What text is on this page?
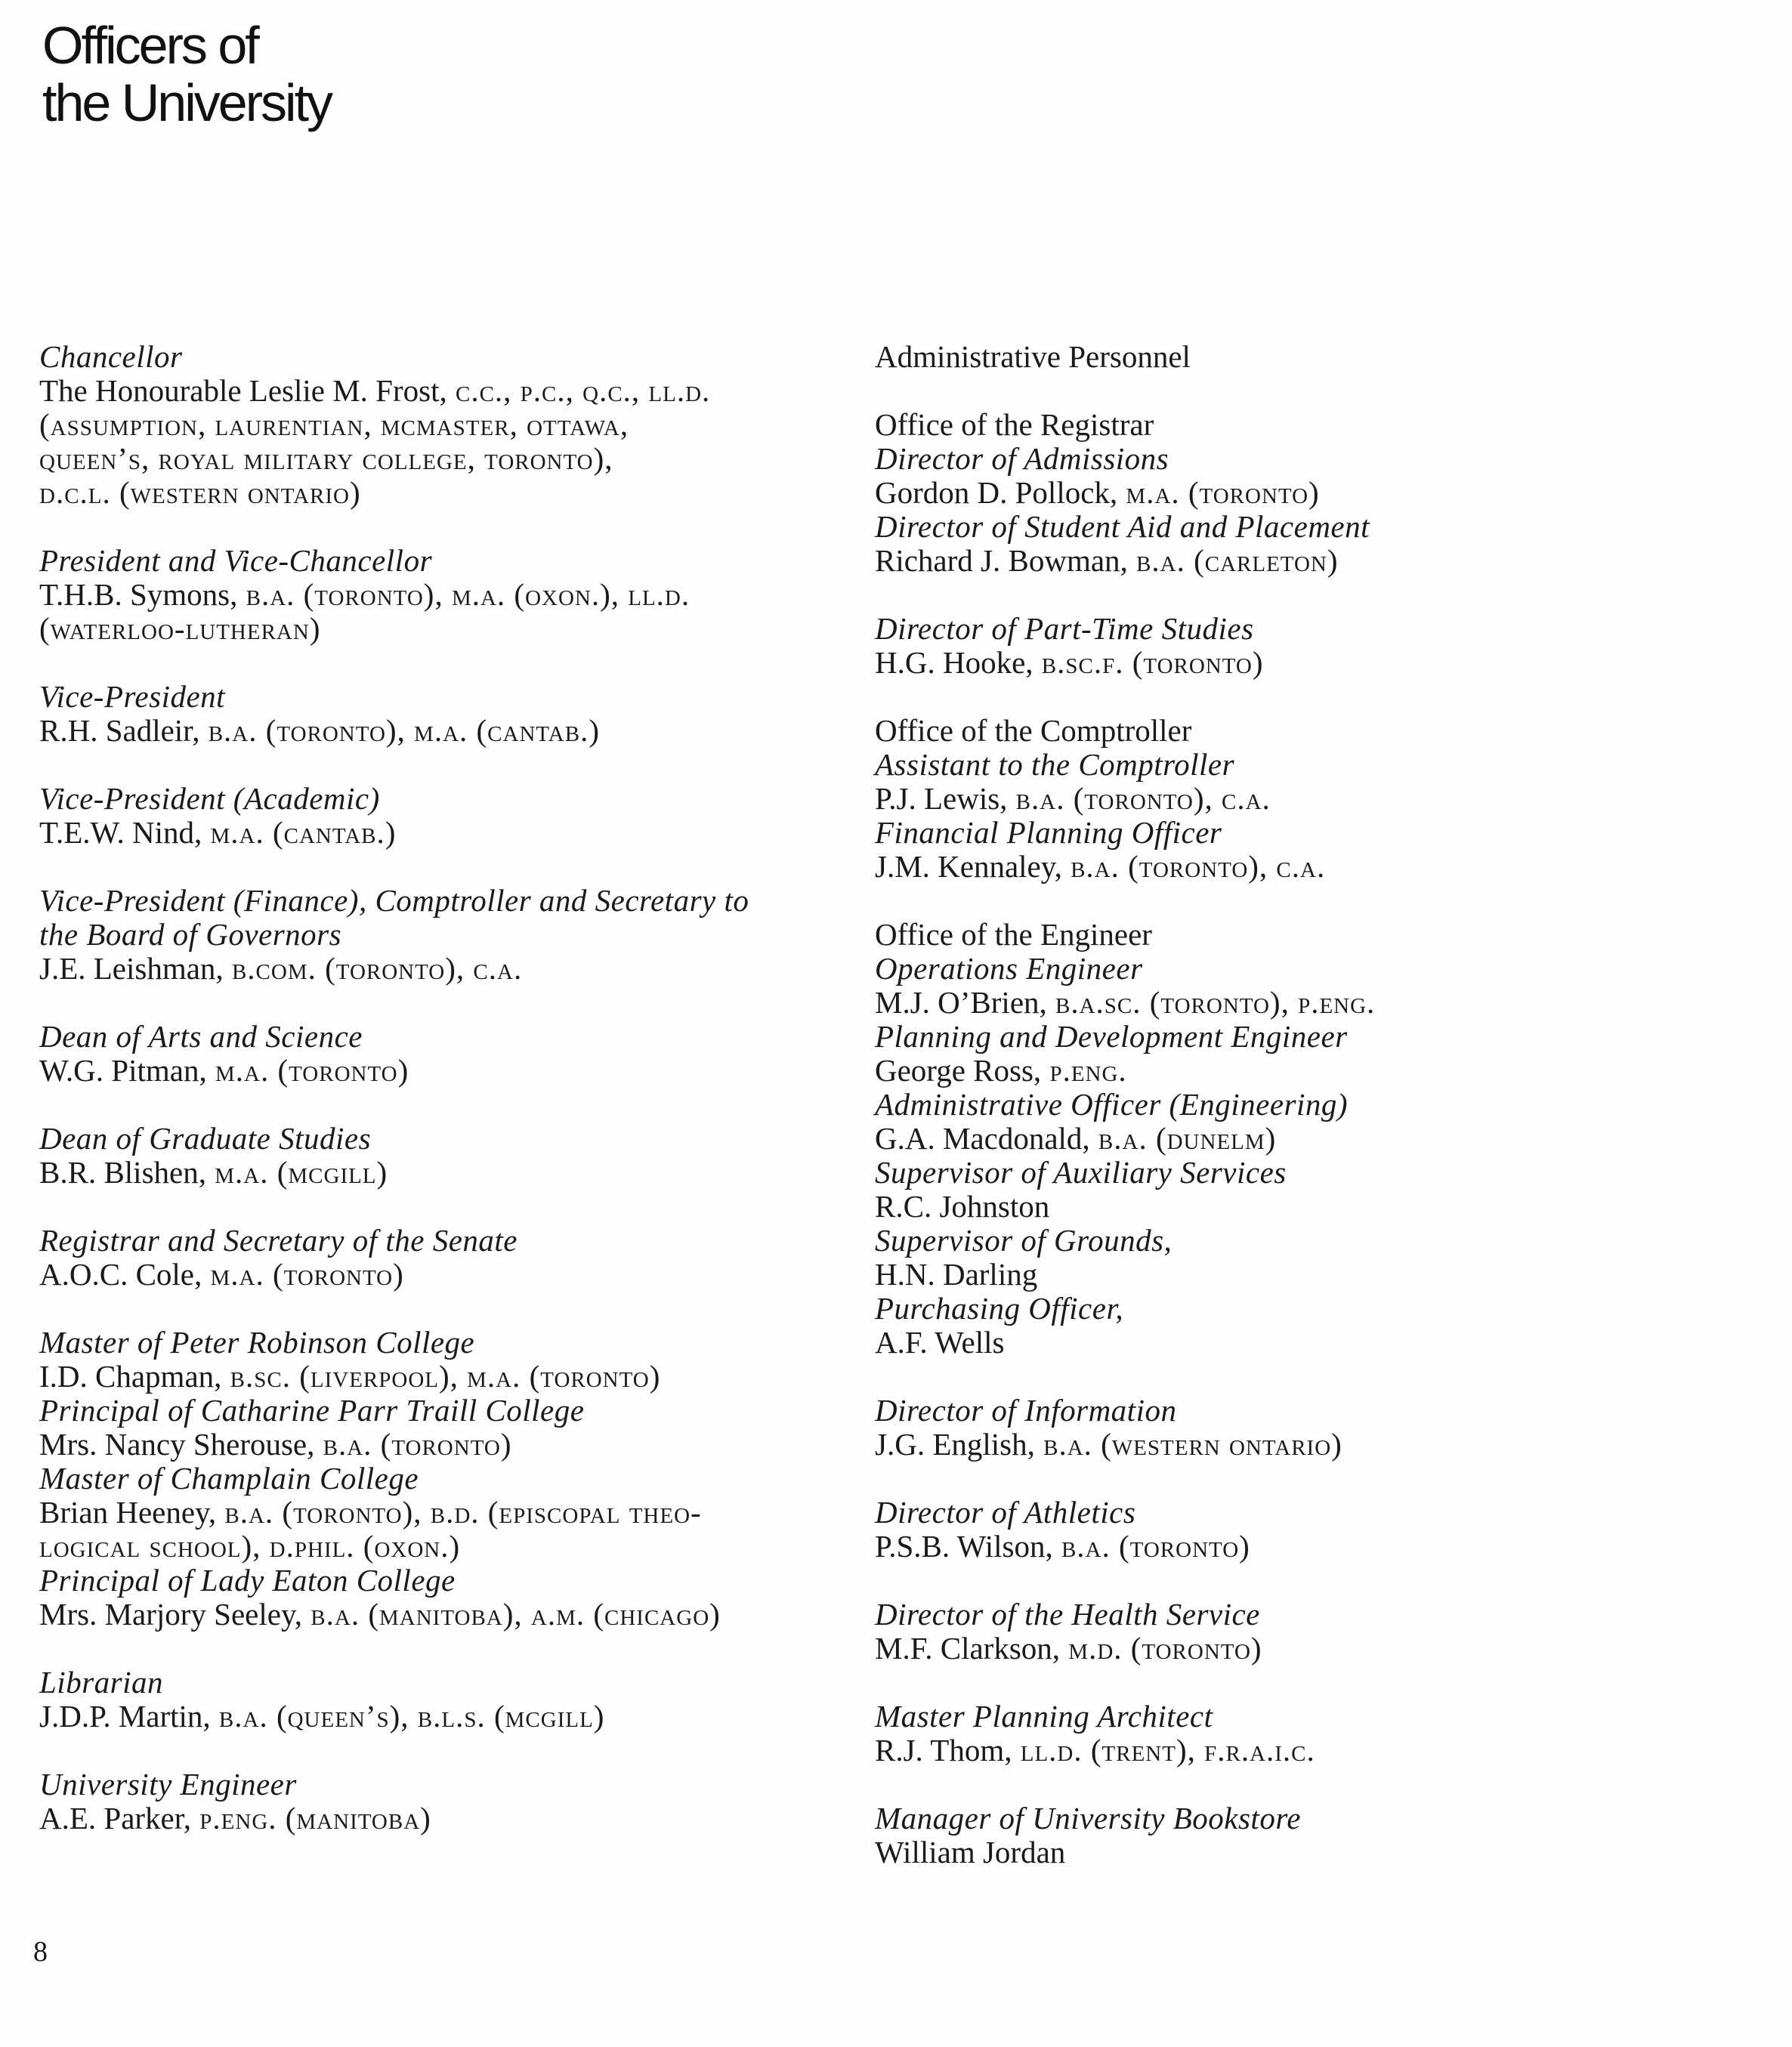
Officers of
the University
Chancellor
The Honourable Leslie M. Frost, c.c., p.c., q.c., ll.d.
(assumption, laurentian, mcmaster, ottawa,
queen’s, royal military college, toronto),
d.c.l. (western ontario)
President and Vice-Chancellor
T.H.B. Symons, b.a. (toronto), m.a. (oxon.), ll.d.
(waterloo-lutheran)
Vice-President
R.H. Sadleir, b.a. (toronto), m.a. (cantab.)
Vice-President (Academic)
T.E.W. Nind, m.a. (cantab.)
Vice-President (Finance), Comptroller and Secretary to
the Board of Governors
J.E. Leishman, b.com. (toronto), c.a.
Dean of Arts and Science
W.G. Pitman, m.a. (toronto)
Dean of Graduate Studies
B.R. Blishen, m.a. (mcgill)
Registrar and Secretary of the Senate
A.O.C. Cole, m.a. (toronto)
Master of Peter Robinson College
I.D. Chapman, b.sc. (liverpool), m.a. (toronto)
Principal of Catharine Parr Traill College
Mrs. Nancy Sherouse, b.a. (toronto)
Master of Champlain College
Brian Heeney, b.a. (toronto), b.d. (episcopal theo-
logical school), d.phil. (oxon.)
Principal of Lady Eaton College
Mrs. Marjory Seeley, b.a. (manitoba), a.m. (chicago)
Librarian
J.D.P. Martin, b.a. (queen’s), b.l.s. (mcgill)
University Engineer
A.E. Parker, p.eng. (manitoba)
Administrative Personnel
Office of the Registrar
Director of Admissions
Gordon D. Pollock, m.a. (toronto)
Director of Student Aid and Placement
Richard J. Bowman, b.a. (carleton)
Director of Part-Time Studies
H.G. Hooke, b.sc.f. (toronto)
Office of the Comptroller
Assistant to the Comptroller
P.J. Lewis, b.a. (toronto), c.a.
Financial Planning Officer
J.M. Kennaley, b.a. (toronto), c.a.
Office of the Engineer
Operations Engineer
M.J. O’Brien, b.a.sc. (toronto), p.eng.
Planning and Development Engineer
George Ross, p.eng.
Administrative Officer (Engineering)
G.A. Macdonald, b.a. (dunelm)
Supervisor of Auxiliary Services
R.C. Johnston
Supervisor of Grounds,
H.N. Darling
Purchasing Officer,
A.F. Wells
Director of Information
J.G. English, b.a. (western ontario)
Director of Athletics
P.S.B. Wilson, b.a. (toronto)
Director of the Health Service
M.F. Clarkson, m.d. (toronto)
Master Planning Architect
R.J. Thom, ll.d. (trent), f.r.a.i.c.
Manager of University Bookstore
William Jordan

8
